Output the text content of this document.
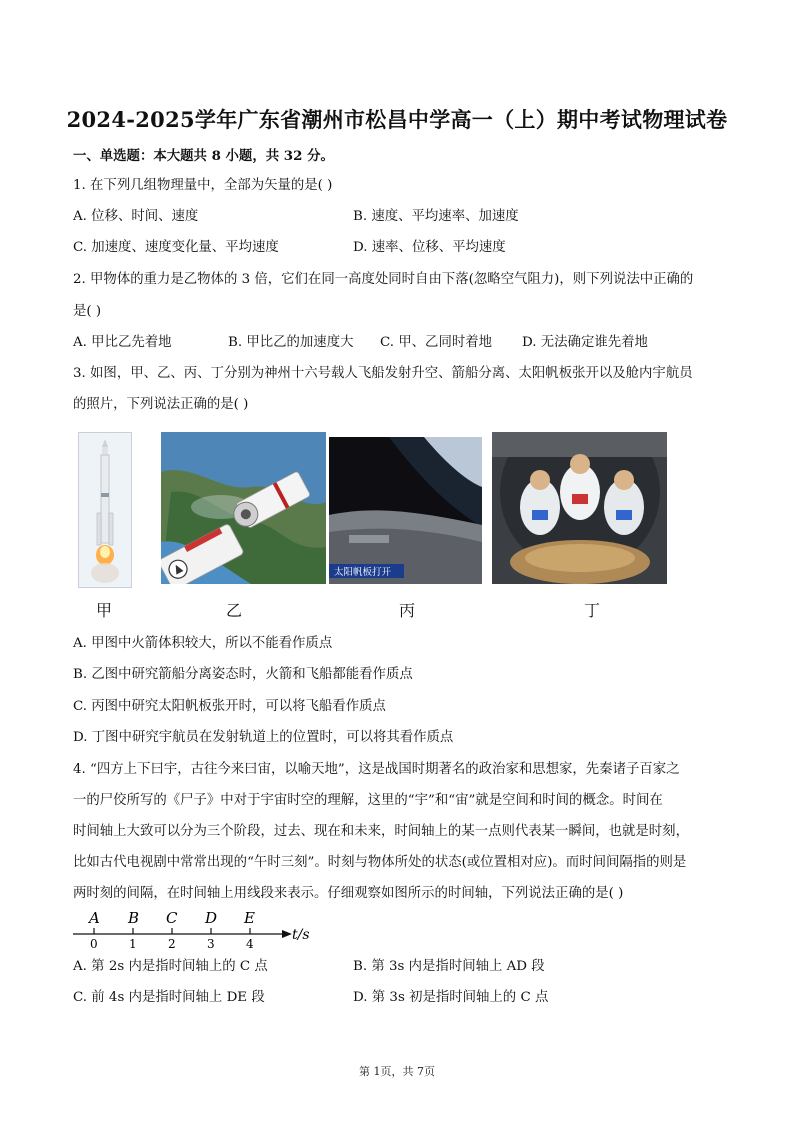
2024-2025学年广东省潮州市松昌中学高一（上）期中考试物理试卷
一、单选题：本大题共 8 小题，共 32 分。
1. 在下列几组物理量中，全部为矢量的是( )
A. 位移、时间、速度	B. 速度、平均速率、加速度
C. 加速度、速度变化量、平均速度	D. 速率、位移、平均速度
2. 甲物体的重力是乙物体的 3 倍，它们在同一高度处同时自由下落(忽略空气阻力)，则下列说法中正确的
是( )
A. 甲比乙先着地	B. 甲比乙的加速度大 C. 甲、乙同时着地 D. 无法确定谁先着地
3. 如图，甲、乙、丙、丁分别为神州十六号载人飞船发射升空、箭船分离、太阳帆板张开以及舱内宇航员
的照片，下列说法正确的是( )
太阳帆板打开
甲	乙	丙	丁
A. 甲图中火箭体积较大，所以不能看作质点
B. 乙图中研究箭船分离姿态时，火箭和飞船都能看作质点
C. 丙图中研究太阳帆板张开时，可以将飞船看作质点
D. 丁图中研究宇航员在发射轨道上的位置时，可以将其看作质点
4. “四方上下曰宇，古往今来曰宙，以喻天地”，这是战国时期著名的政治家和思想家，先秦诸子百家之
一的尸佼所写的《尸子》中对于宇宙时空的理解，这里的“宇”和“宙”就是空间和时间的概念。时间在
时间轴上大致可以分为三个阶段，过去、现在和未来，时间轴上的某一点则代表某一瞬间，也就是时刻，
比如古代电视剧中常常出现的“午时三刻”。时刻与物体所处的状态(或位置相对应)。而时间间隔指的则是
两时刻的间隔，在时间轴上用线段来表示。仔细观察如图所示的时间轴，下列说法正确的是( )
A B C D E
0	1	2	3	4
t/s
A. 第 2s 内是指时间轴上的 C 点	B. 第 3s 内是指时间轴上 AD 段
C. 前 4s 内是指时间轴上 DE 段	D. 第 3s 初是指时间轴上的 C 点
第 1页，共 7页
